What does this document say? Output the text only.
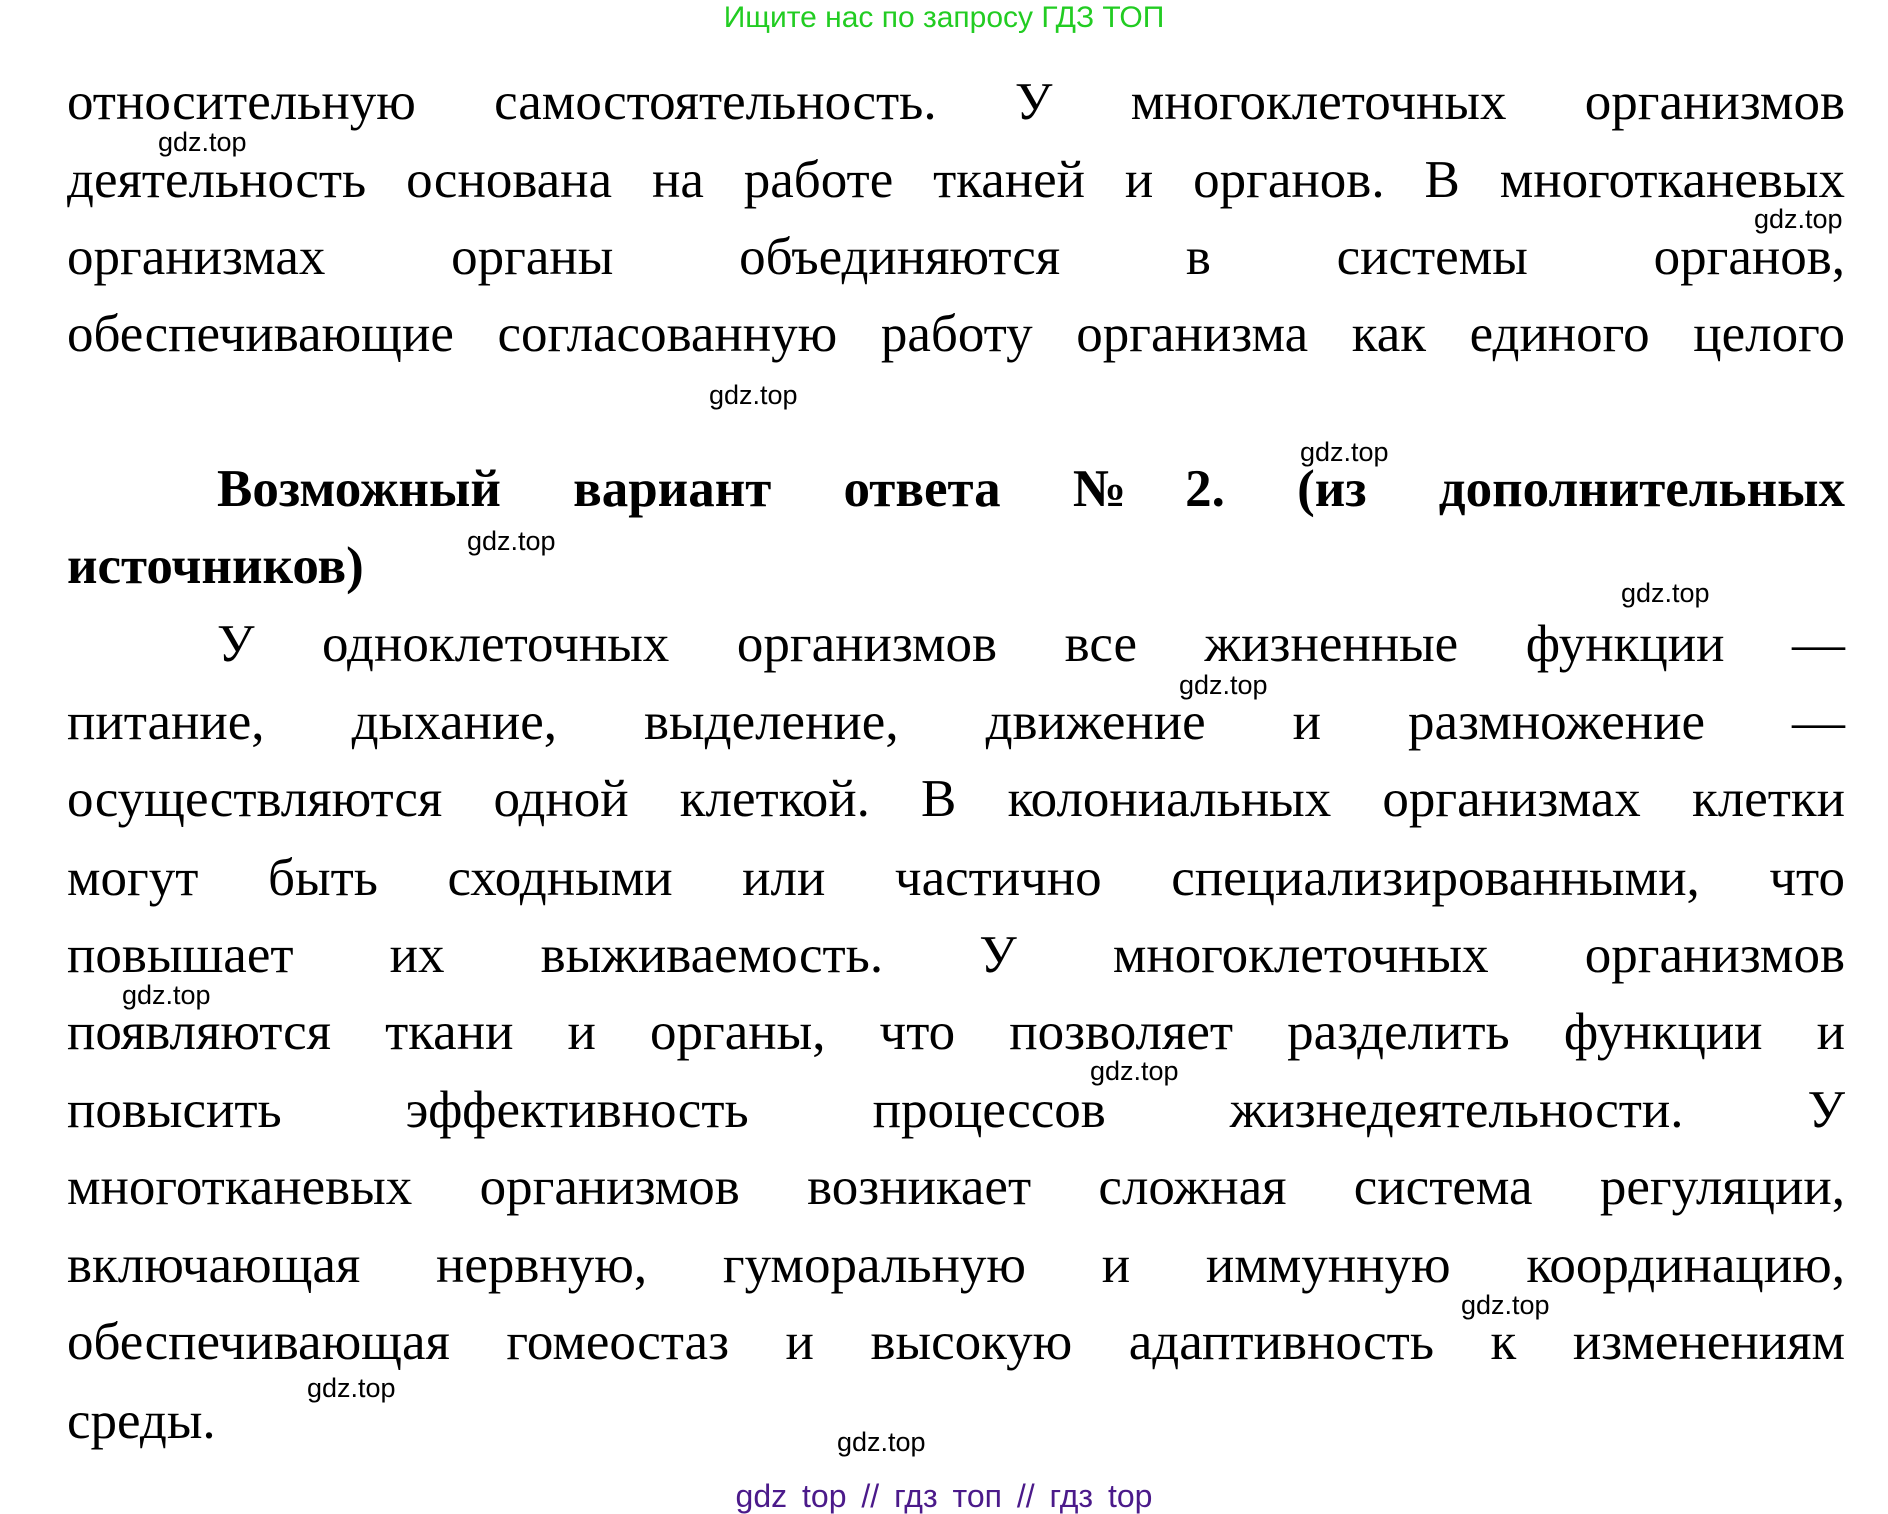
Ищите нас по запросу ГДЗ ТОП
относительную самостоятельность. У многоклеточных организмов
деятельность основана на работе тканей и органов. В многотканевых
организмах органы объединяются в системы органов,
обеспечивающие согласованную работу организма как единого целого
Возможный вариант ответа №2. (из дополнительных
источников)
У одноклеточных организмов все жизненные функции —
питание, дыхание, выделение, движение и размножение —
осуществляются одной клеткой. В колониальных организмах клетки
могут быть сходными или частично специализированными, что
повышает их выживаемость. У многоклеточных организмов
появляются ткани и органы, что позволяет разделить функции и
повысить эффективность процессов жизнедеятельности. У
многотканевых организмов возникает сложная система регуляции,
включающая нервную, гуморальную и иммунную координацию,
обеспечивающая гомеостаз и высокую адаптивность к изменениям
среды.
gdz.top
gdz.top
gdz.top
gdz.top
gdz.top
gdz.top
gdz.top
gdz.top
gdz.top
gdz.top
gdz.top
gdz.top
gdz top // гдз топ // гдз top
